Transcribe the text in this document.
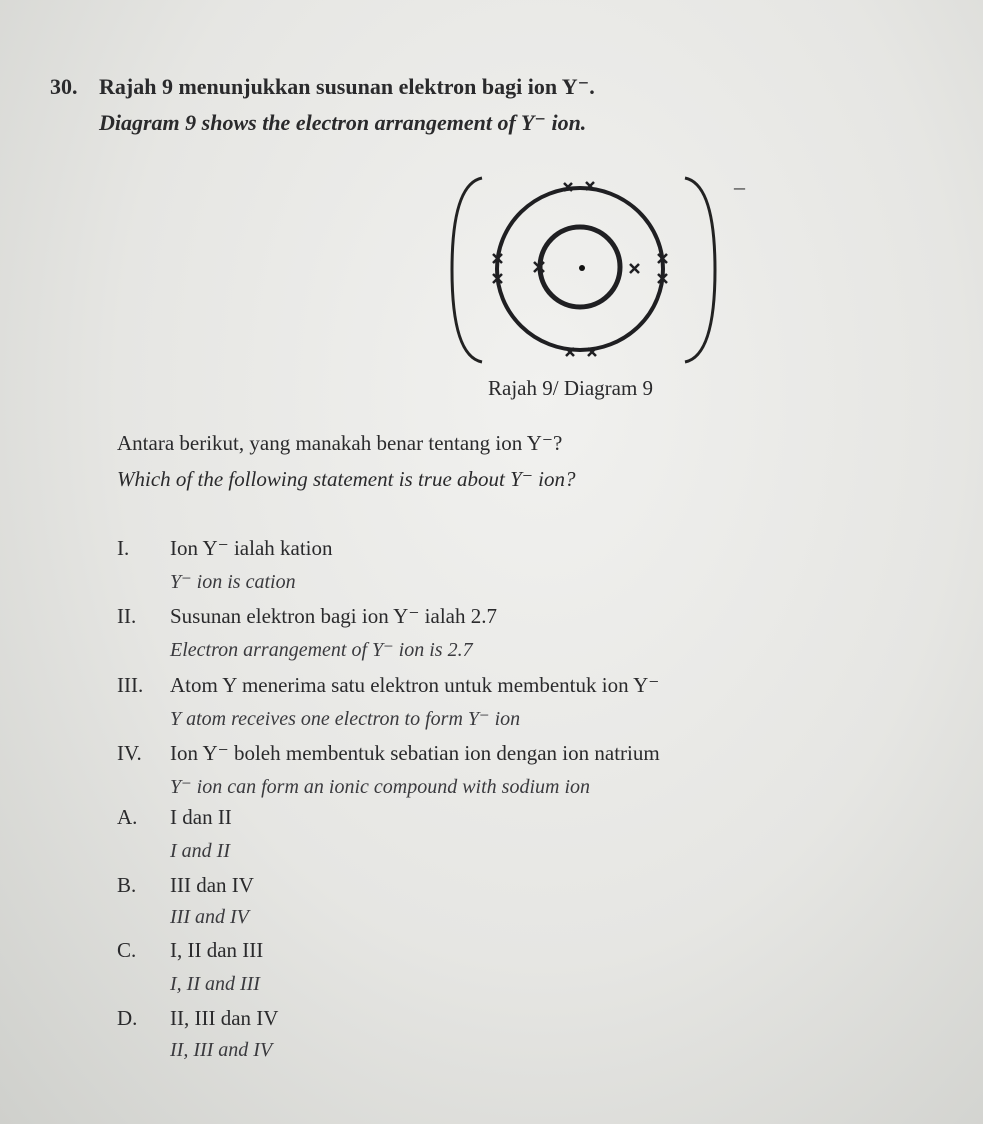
30. Rajah 9 menunjukkan susunan elektron bagi ion Y⁻.
Diagram 9 shows the electron arrangement of Y⁻ ion.
–
Rajah 9/ Diagram 9
Antara berikut, yang manakah benar tentang ion Y⁻?
Which of the following statement is true about Y⁻ ion?
I. Ion Y⁻ ialah kation
Y⁻ ion is cation
II. Susunan elektron bagi ion Y⁻ ialah 2.7
Electron arrangement of Y⁻ ion is 2.7
III. Atom Y menerima satu elektron untuk membentuk ion Y⁻
Y atom receives one electron to form Y⁻ ion
IV. Ion Y⁻ boleh membentuk sebatian ion dengan ion natrium
Y⁻ ion can form an ionic compound with sodium ion
A. I dan II
I and II
B. III dan IV
III and IV
C. I, II dan III
I, II and III
D. II, III dan IV
II, III and IV
